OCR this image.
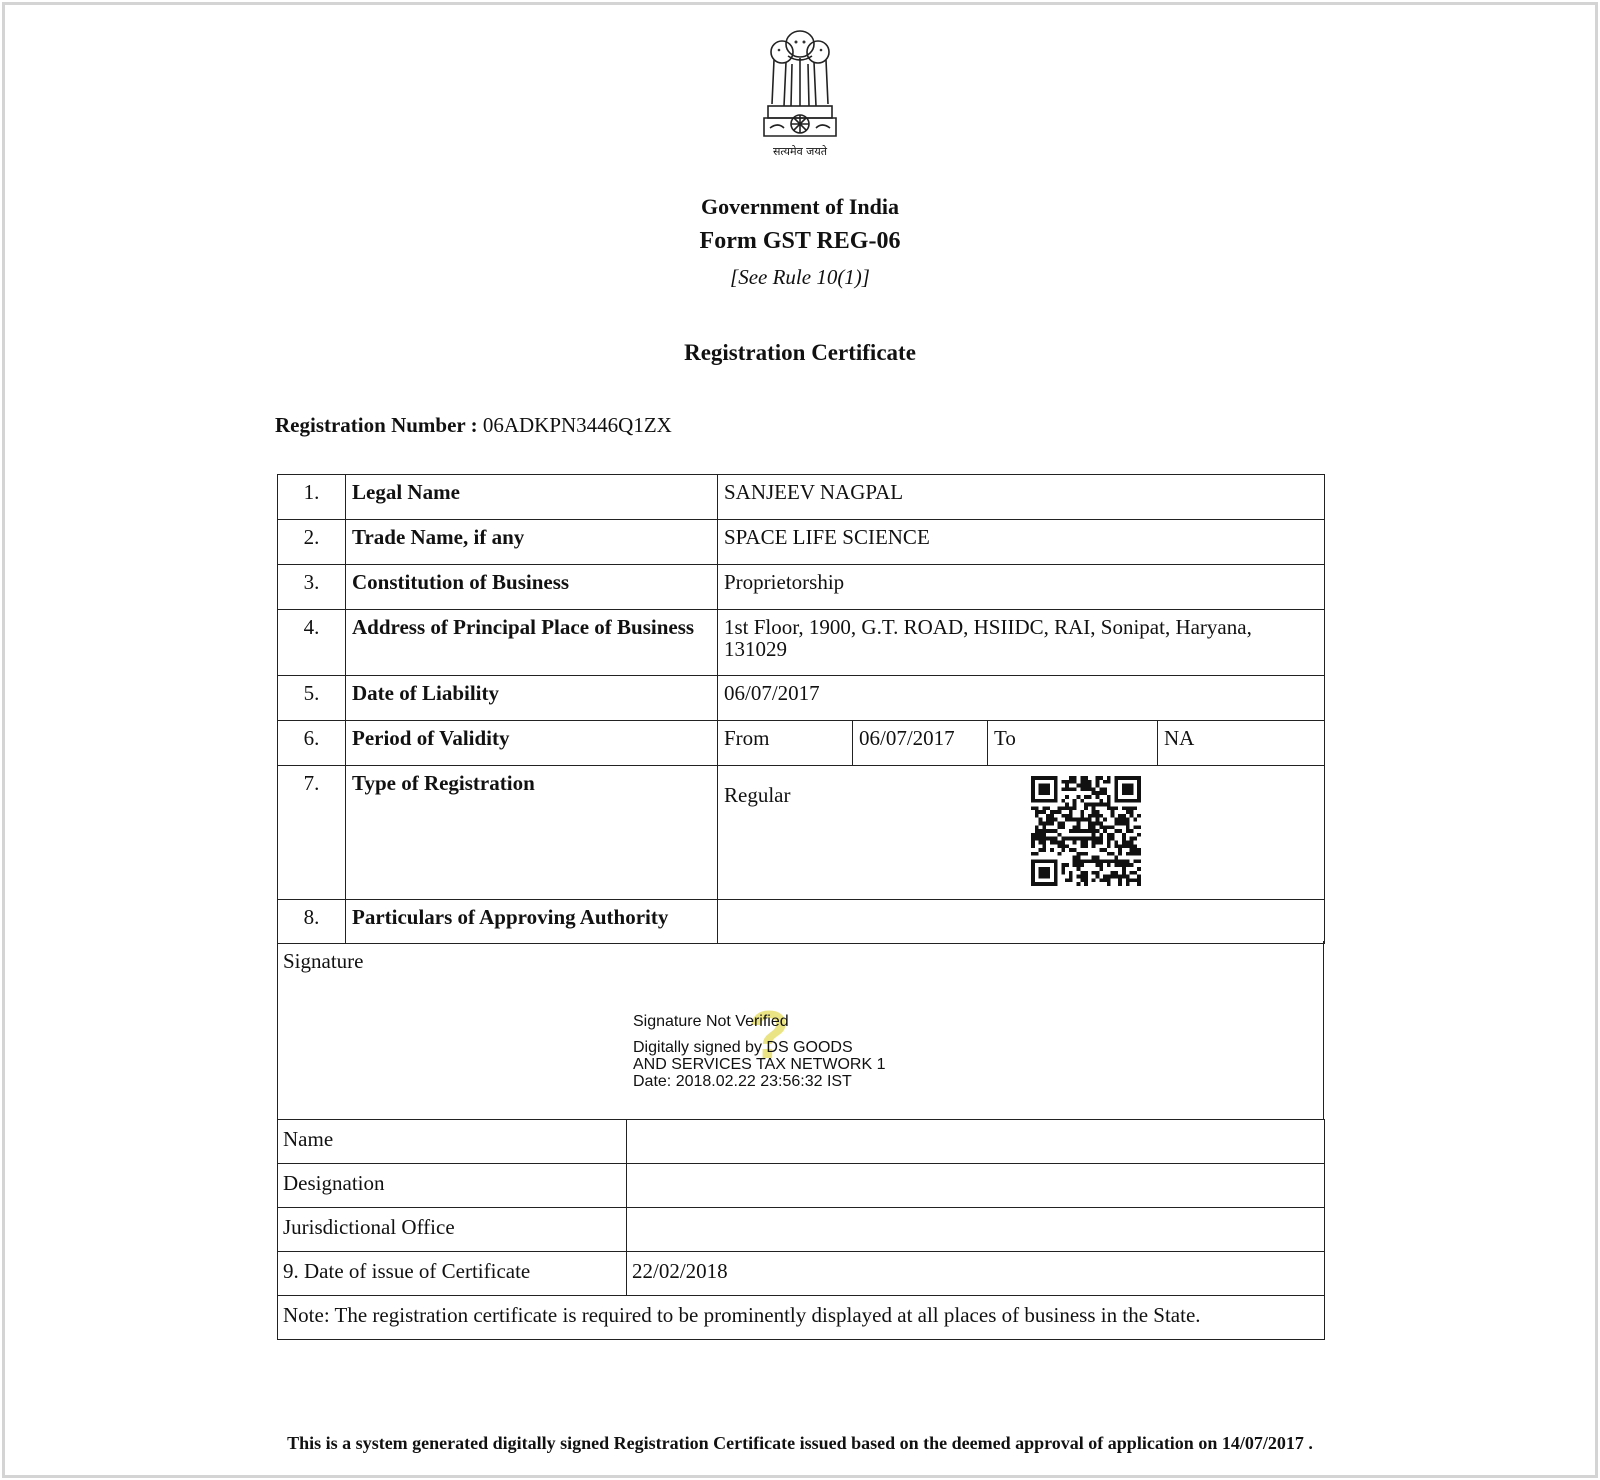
सत्यमेव जयते
Government of India
Form GST REG-06
[See Rule 10(1)]
Registration Certificate
Registration Number : 06ADKPN3446Q1ZX
1.	Legal Name	SANJEEV NAGPAL			
2.	Trade Name, if any	SPACE LIFE SCIENCE			
3.	Constitution of Business	Proprietorship			
4.	Address of Principal Place of Business	1st Floor, 1900, G.T. ROAD, HSIIDC, RAI, Sonipat, Haryana, 131029			
5.	Date of Liability	06/07/2017			
6.	Period of Validity	From	06/07/2017	To	NA
7.	Type of Registration	Regular			
8.	Particulars of Approving Authority				
Signature
?
Signature Not Verified
Digitally signed by DS GOODS
AND SERVICES TAX NETWORK 1
Date: 2018.02.22 23:56:32 IST
Name	
Designation	
Jurisdictional Office	
9. Date of issue of Certificate	22/02/2018
Note: The registration certificate is required to be prominently displayed at all places of business in the State.	
This is a system generated digitally signed Registration Certificate issued based on the deemed approval of application on 14/07/2017 .
